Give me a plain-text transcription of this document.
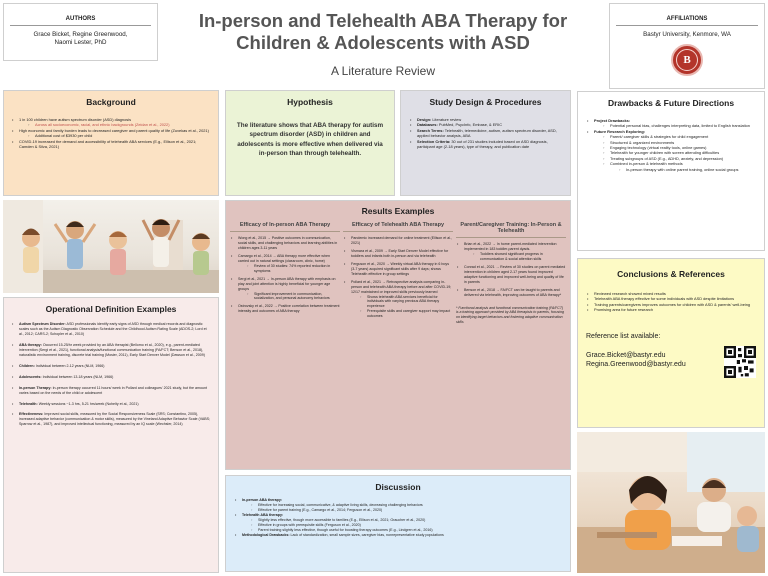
AUTHORS
Grace Bicket, Regine Greenwood,
Naomi Lester, PhD
In-person and Telehealth ABA Therapy for
Children & Adolescents with ASD
A Literature Review
AFFILIATIONS
Bastyr University, Kenmore, WA
B
Background
• 1 in 100 children have autism spectrum disorder (ASD) diagnosis
◦ Across all socioeconomic, racial, and ethnic backgrounds (Zeidan et al., 2022)
• High economic and family burden leads to decreased caregiver and parent quality of life (Zuvekas et al., 2021)
◦ Additional cost of $3930 per child
• COVID-19 increased the demand and accessibility of telehealth ABA services (E.g., Ellison et al., 2021; Camden & Silva, 2021)
Hypothesis
The literature shows that ABA therapy for autism spectrum disorder (ASD) in children and adolescents is more effective when delivered via in-person than through telehealth.
Study Design & Procedures
• Design: Literature review
• Databases: PubMed, PsycInfo, Embase, & ERIC
• Search Terms: Telehealth, telemedicine, autism, autism spectrum disorder, ASD, applied behavior analysis, ABA
• Selection Criteria: 30 out of 231 studies included based on ASD diagnosis, participant age (2-18 years), type of therapy, and publication date
Drawbacks & Future Directions
• Project Drawbacks:
◦ Potential personal bias, challenges interpreting data, limited to English translation
• Future Research Exploring:
◦ Parent/ caregiver skills & strategies for child engagement
◦ Structured & organized environments
◦ Engaging technology (virtual reality tools, online games)
◦ Telehealth for younger children with screen attending difficulties
◦ Treating subgroups of ASD (E.g., ADHD, anxiety, and depression)
◦ Combined in-person & telehealth methods
◦ In-person therapy with online parent training, online social groups
Operational Definition Examples
• Autism Spectrum Disorder: ASD professionals identify early signs of ASD through medical records and diagnostic scales such as the Autism Diagnostic Observation Schedule and the Childhood Autism Rating Scale (ADOS-2; Lord et al., 2012; CARS-2; Schopler et al., 2010)
• ABA therapy: Occurred 15-25/hr week provided by an ABA therapist (Bellomo et al., 2020), e.g., parent-mediated intervention (Sergi et al., 2021), functional analysis/functional communication training (FA/FCT; Benson et al., 2018), naturalistic environment training, discrete trial training (Mosier, 2011), Early Start Denver Model (Dawson et al., 2009)
• Children: Individual between 2-12 years (NLM, 1966)
• Adolescents: Individual between 13-18 years (NLM, 1966)
• In-person Therapy: In-person therapy occurred 11 hours/ week in Pollard and colleagues' 2021 study, but the amount varies based on the needs of the child or adolescent
• Telehealth: Weekly sessions ~1-3 hrs, 5-21 hrs/week (Nohelty et al., 2021)
• Effectiveness: Improved social skills, measured by the Social Responsiveness Scale (SRS; Constantino, 2005), increased adaptive behavior (communication & motor skills), measured by the Vineland Adaptive Behavior Scale (VABS; Sparrow et al., 1987), and improved intellectual functioning, measured by an IQ scale (Wechsler, 2014)
Results Examples
Efficacy of In-person ABA Therapy
• Wong et al., 2015 → Positive outcomes in communication, social skills, and challenging behaviors and learning abilities in children ages 3-11 years
• Camargo et al., 2014 → ABA therapy more effective when carried out in natural settings (classroom, clinic, home)
◦ Review of 30 studies: 74% reported reduction in symptoms
• Sergi et al., 2021 → In-person ABA therapy with emphasis on play and joint attention is highly beneficial for younger age groups
◦ Significant improvement in communication, socialization, and personal autonomy behaviors
• Ostrovsky et al., 2022 → Positive correlation between treatment intensity and outcomes of ABA therapy
Efficacy of Telehealth ABA Therapy
• Pandemic increased demand for online treatment (Ellison et al., 2021)
• Vismara et al., 2009 → Early Start Denver Model effective for toddlers and infants both in-person and via telehealth
• Ferguson et al., 2020 → Weekly virtual ABA therapy in 6 boys (3-7 years) acquired significant skills after 9 days; shows Telehealth effective in group settings
• Pollard et al., 2021 → Retrospective analysis comparing in-person and telehealth ABA therapy before and after COVID-19; 12/17 maintained or improved skills previously learned
◦ Shows telehealth ABA services beneficial for individuals with varying previous ABA therapy experience
◦ Prerequisite skills and caregiver support may impact outcomes
Parent/Caregiver Training: In-Person & Telehealth
• Brian et al., 2022 → In home parent-mediated intervention implemented in 183 toddler-parent dyads.
◦ Toddlers showed significant progress in communication & social attention skills
• Conrad et al., 2021 → Review of 30 studies on parent mediated intervention in children aged 2-17 years found improved adaptive functioning and improved well-being and quality of life in parents
• Benson et al., 2018 → FA/FCT can be taught to parents and delivered via telehealth, improving outcomes of ABA therapy*
* Functional analysis and functional communication training (FA/FCT) is a training approach provided by ABA therapists to parents, focusing on identifying target behaviors and fostering adaptive communication skills
Discussion
• In-person ABA therapy:
◦ Effective for increasing social, communicative, & adaptive living skills, decreasing challenging behaviors
◦ Effective for parent training (E.g., Camargo et al., 2014; Ferguson et al., 2020)
• Telehealth ABA therapy:
◦ Slightly less effective, though more accessible to families (E.g., Ellison et al., 2021; Graucher et al., 2020)
◦ Effective in groups with prerequisite skills (Ferguson et al., 2020)
◦ Parent training slightly less effective, though useful for boosting therapy outcomes (E.g., Lindgren et al., 2016)
• Methodological Drawbacks: Lack of standardization, small sample sizes, caregiver bias, nonrepresentative study populations
Conclusions & References
• Reviewed research showed mixed results
• Telehealth ABA therapy effective for some individuals with ASD despite limitations
• Training parents/caregivers improves outcomes for children with ASD & parents' well-being
• Promising area for future research
Reference list available:
Grace.Bicket@bastyr.edu
Regina.Greenwood@bastyr.edu
